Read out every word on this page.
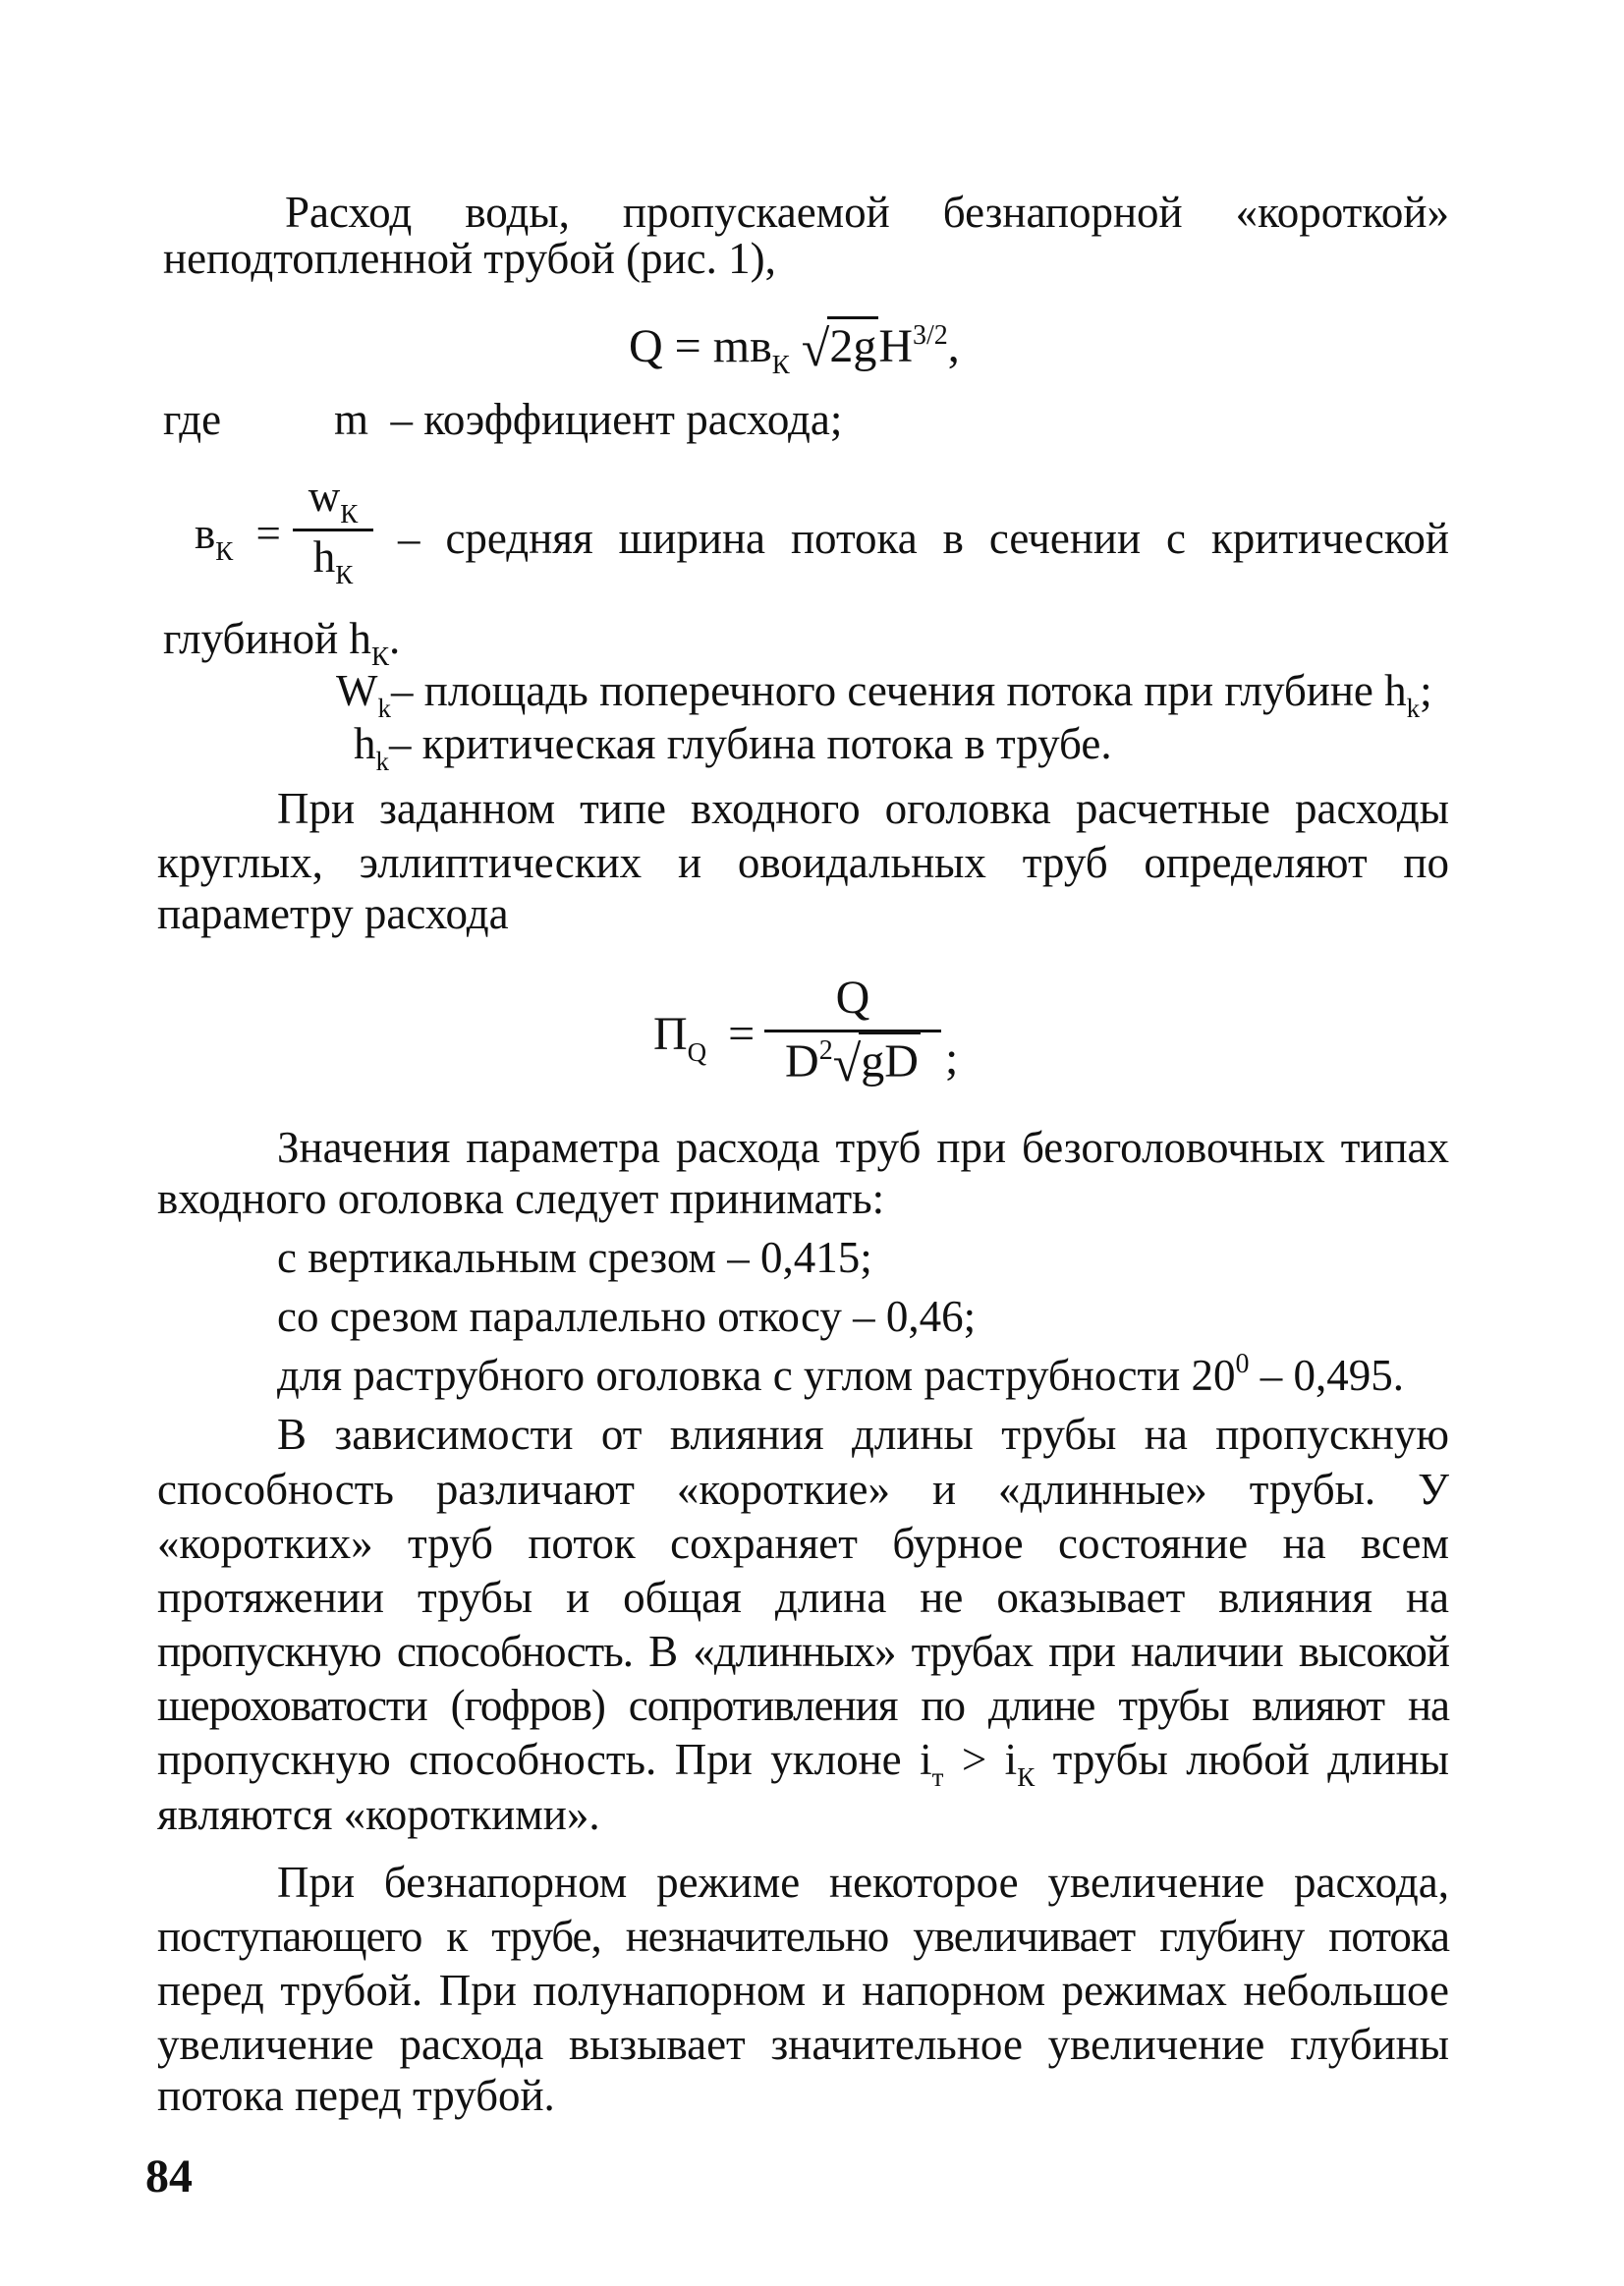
Расход воды, пропускаемой безнапорной «короткой»
неподтопленной трубой (рис. 1),
$Q = mв_К$ $√2gH^{3/2}$,
где	m  – коэффициент расхода;
$в_К$ =
$w_К$
$h_К$
– средняя ширина потока в сечении с критической
глубиной $h_К$.
$W_k-$ площадь поперечного сечения потока при глубине $h_k$;
$h_k-$ критическая глубина потока в трубе.
При заданном типе входного оголовка расчетные расходы
круглых, эллиптических и овоидальных труб определяют по
параметру расхода
$П_Q$ =
Q
$D^2√gD$ ;
Значения параметра расхода труб при безоголовочных типах
входного оголовка следует принимать:
с вертикальным срезом – 0,415;
со срезом параллельно откосу – 0,46;
для раструбного оголовка с углом раструбности $20^0 - 0,495$.
В зависимости от влияния длины трубы на пропускную
способность различают «короткие» и «длинные» трубы. У
«коротких» труб поток сохраняет бурное состояние на всем
протяжении трубы и общая длина не оказывает влияния на
пропускную способность. В «длинных» трубах при наличии высокой
шероховатости (гофров) сопротивления по длине трубы влияют на
пропускную способность. При уклоне $i_т > i_К$ трубы любой длины
являются «короткими».
При безнапорном режиме некоторое увеличение расхода,
поступающего к трубе, незначительно увеличивает глубину потока
перед трубой. При полунапорном и напорном режимах небольшое
увеличение расхода вызывает значительное увеличение глубины
потока перед трубой.
84
